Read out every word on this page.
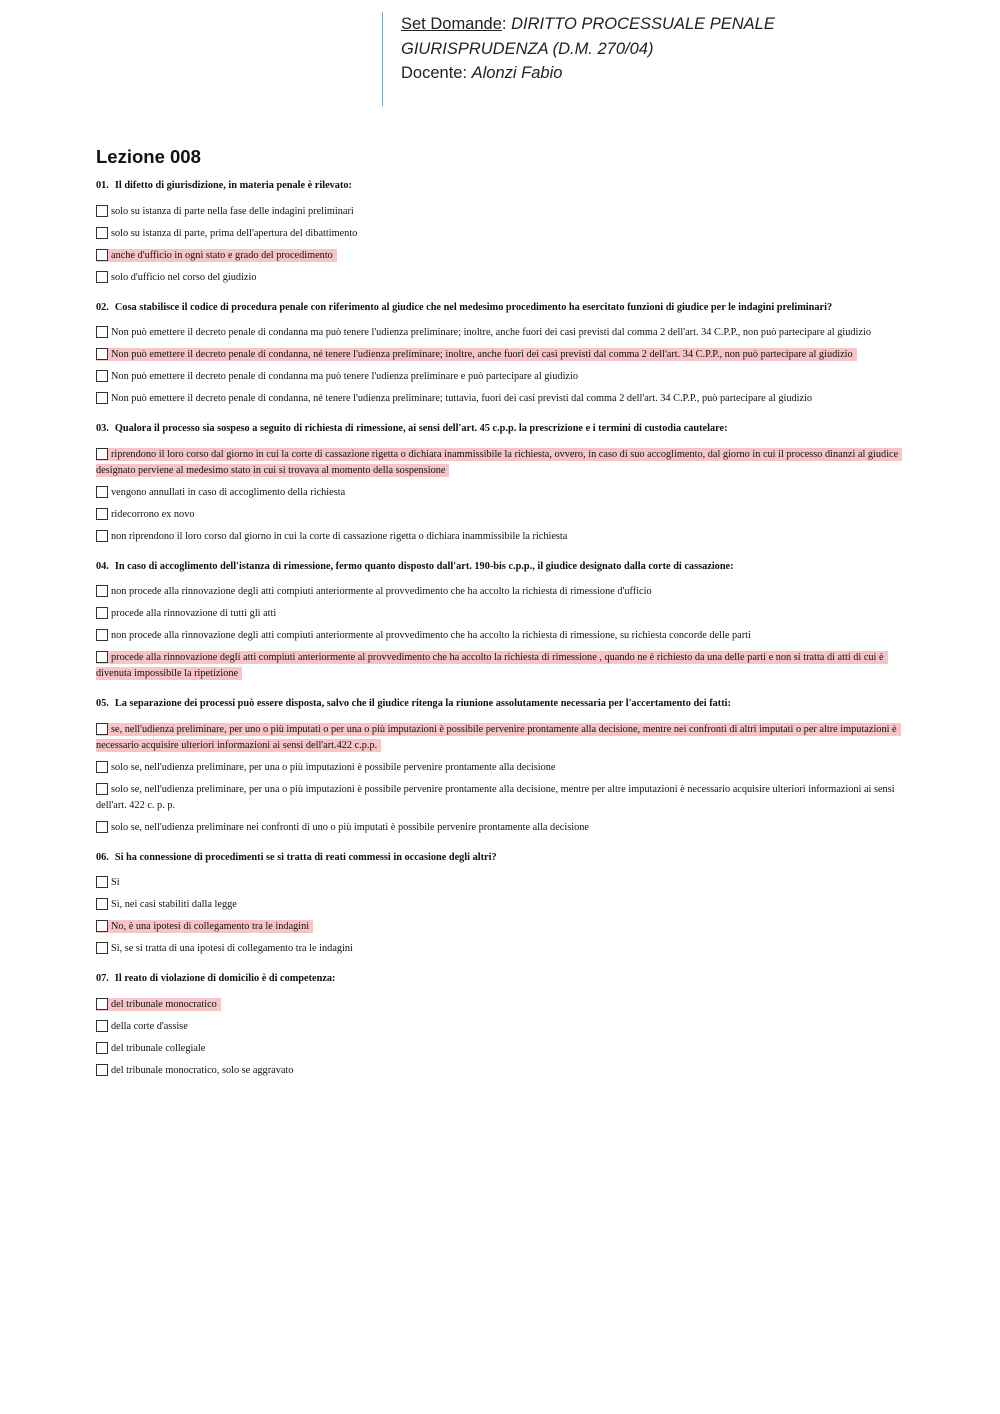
Set Domande: DIRITTO PROCESSUALE PENALE
GIURISPRUDENZA (D.M. 270/04)
Docente: Alonzi Fabio
Lezione 008
01. Il difetto di giurisdizione, in materia penale è rilevato:
solo su istanza di parte nella fase delle indagini preliminari
solo su istanza di parte, prima dell'apertura del dibattimento
anche d'ufficio in ogni stato e grado del procedimento
solo d'ufficio nel corso del giudizio
02. Cosa stabilisce il codice di procedura penale con riferimento al giudice che nel medesimo procedimento ha esercitato funzioni di giudice per le indagini preliminari?
Non può emettere il decreto penale di condanna ma può tenere l'udienza preliminare; inoltre, anche fuori dei casi previsti dal comma 2 dell'art. 34 C.P.P., non può partecipare al giudizio
Non può emettere il decreto penale di condanna, né tenere l'udienza preliminare; inoltre, anche fuori dei casi previsti dal comma 2 dell'art. 34 C.P.P., non può partecipare al giudizio
Non può emettere il decreto penale di condanna ma può tenere l'udienza preliminare e può partecipare al giudizio
Non può emettere il decreto penale di condanna, né tenere l'udienza preliminare; tuttavia, fuori dei casi previsti dal comma 2 dell'art. 34 C.P.P., può partecipare al giudizio
03. Qualora il processo sia sospeso a seguito di richiesta di rimessione, ai sensi dell'art. 45 c.p.p. la prescrizione e i termini di custodia cautelare:
riprendono il loro corso dal giorno in cui la corte di cassazione rigetta o dichiara inammissibile la richiesta, ovvero, in caso di suo accoglimento, dal giorno in cui il processo dinanzi al giudice designato perviene al medesimo stato in cui si trovava al momento della sospensione
vengono annullati in caso di accoglimento della richiesta
ridecorrono ex novo
non riprendono il loro corso dal giorno in cui la corte di cassazione rigetta o dichiara inammissibile la richiesta
04. In caso di accoglimento dell'istanza di rimessione, fermo quanto disposto dall'art. 190-bis c.p.p., il giudice designato dalla corte di cassazione:
non procede alla rinnovazione degli atti compiuti anteriormente al provvedimento che ha accolto la richiesta di rimessione d'ufficio
procede alla rinnovazione di tutti gli atti
non procede alla rinnovazione degli atti compiuti anteriormente al provvedimento che ha accolto la richiesta di rimessione, su richiesta concorde delle parti
procede alla rinnovazione degli atti compiuti anteriormente al provvedimento che ha accolto la richiesta di rimessione , quando ne è richiesto da una delle parti e non si tratta di atti di cui è divenuta impossibile la ripetizione
05. La separazione dei processi può essere disposta, salvo che il giudice ritenga la riunione assolutamente necessaria per l'accertamento dei fatti:
se, nell'udienza preliminare, per uno o più imputati o per una o più imputazioni è possibile pervenire prontamente alla decisione, mentre nei confronti di altri imputati o per altre imputazioni è necessario acquisire ulteriori informazioni ai sensi dell'art.422 c.p.p.
solo se, nell'udienza preliminare, per una o più imputazioni è possibile pervenire prontamente alla decisione
solo se, nell'udienza preliminare, per una o più imputazioni è possibile pervenire prontamente alla decisione, mentre per altre imputazioni è necessario acquisire ulteriori informazioni ai sensi dell'art. 422 c. p. p.
solo se, nell'udienza preliminare nei confronti di uno o più imputati è possibile pervenire prontamente alla decisione
06. Si ha connessione di procedimenti se si tratta di reati commessi in occasione degli altri?
Sì
Sì, nei casi stabiliti dalla legge
No, è una ipotesi di collegamento tra le indagini
Sì, se si tratta di una ipotesi di collegamento tra le indagini
07. Il reato di violazione di domicilio è di competenza:
del tribunale monocratico
della corte d'assise
del tribunale collegiale
del tribunale monocratico, solo se aggravato
